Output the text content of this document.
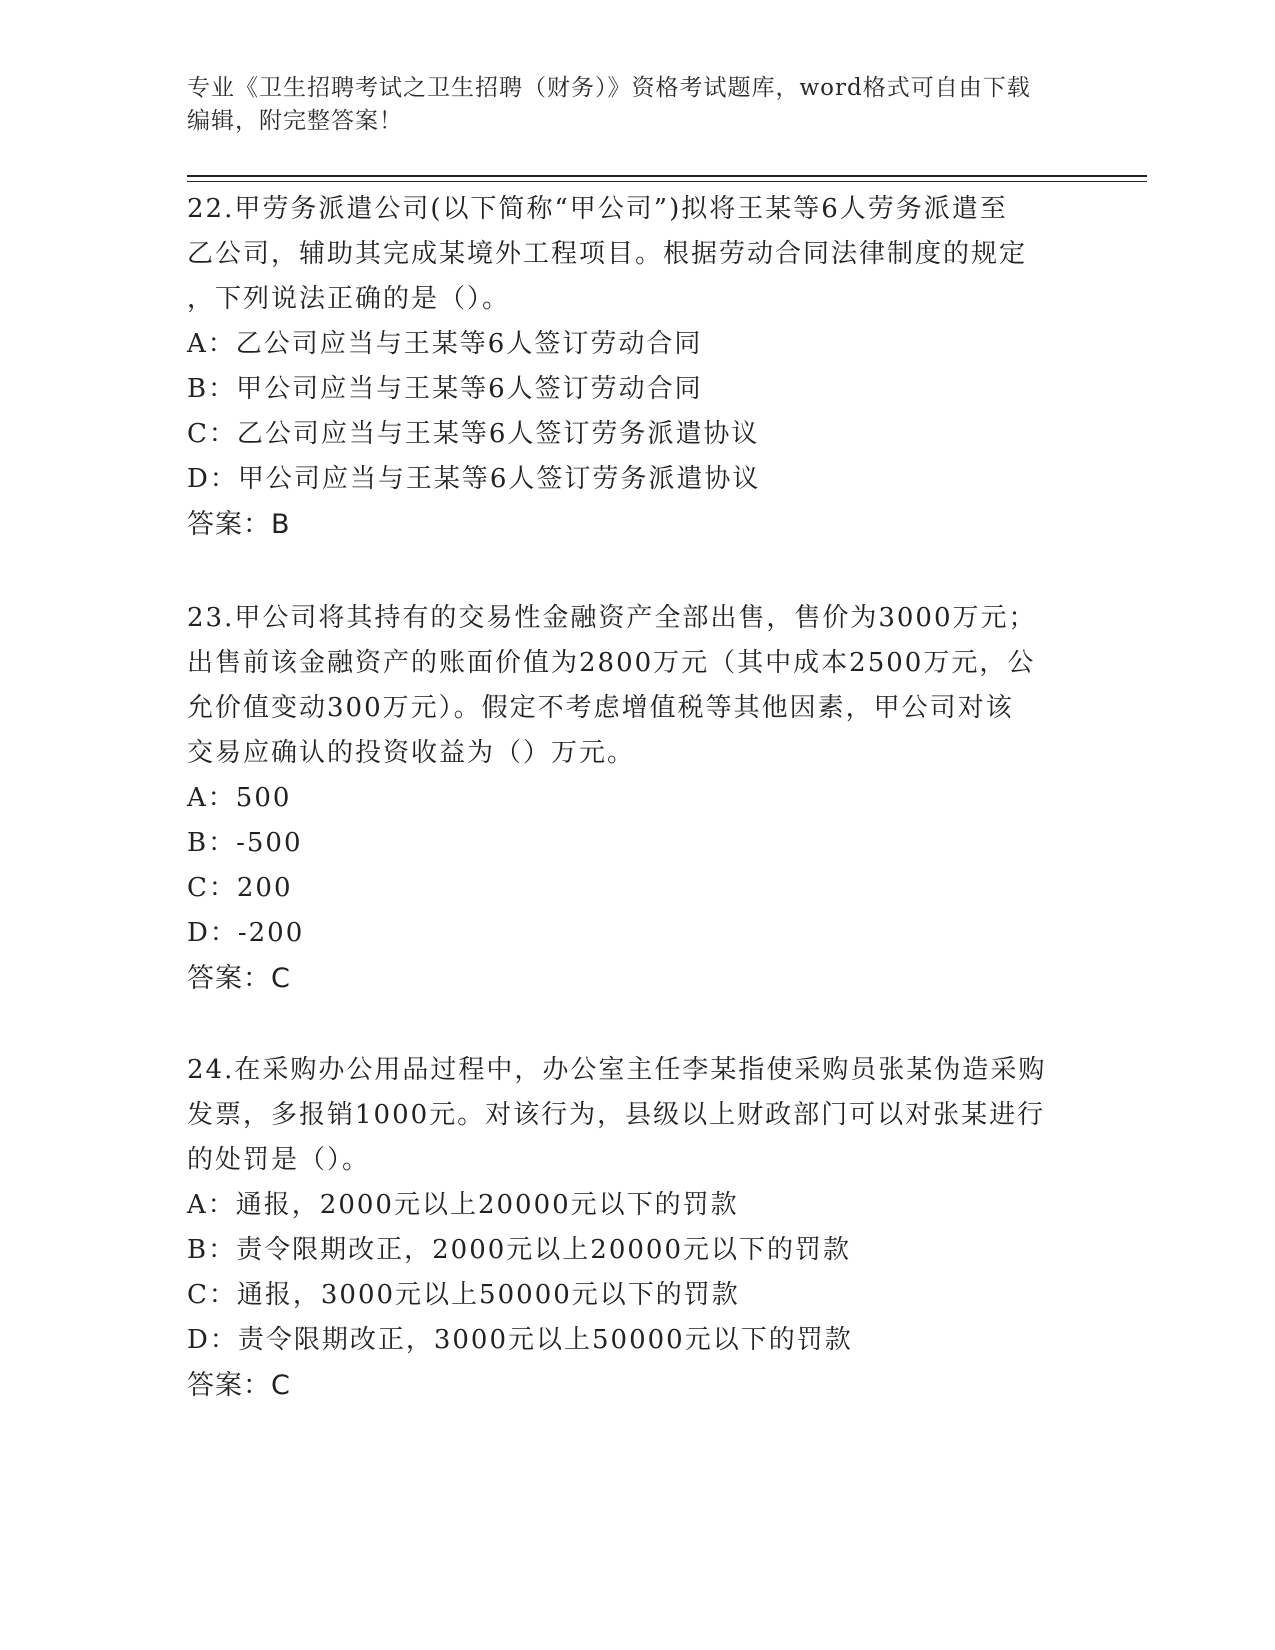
专业《卫生招聘考试之卫生招聘（财务）》资格考试题库，word格式可自由下载
编辑，附完整答案！
22.甲劳务派遣公司(以下简称“甲公司”)拟将王某等6人劳务派遣至
乙公司，辅助其完成某境外工程项目。根据劳动合同法律制度的规定
，下列说法正确的是（）。
A：乙公司应当与王某等6人签订劳动合同
B：甲公司应当与王某等6人签订劳动合同
C：乙公司应当与王某等6人签订劳务派遣协议
D：甲公司应当与王某等6人签订劳务派遣协议
答案：B
23.甲公司将其持有的交易性金融资产全部出售，售价为3000万元；
出售前该金融资产的账面价值为2800万元（其中成本2500万元，公
允价值变动300万元）。假定不考虑增值税等其他因素，甲公司对该
交易应确认的投资收益为（）万元。
A：500
B：-500
C：200
D：-200
答案：C
24.在采购办公用品过程中，办公室主任李某指使采购员张某伪造采购
发票，多报销1000元。对该行为，县级以上财政部门可以对张某进行
的处罚是（）。
A：通报，2000元以上20000元以下的罚款
B：责令限期改正，2000元以上20000元以下的罚款
C：通报，3000元以上50000元以下的罚款
D：责令限期改正，3000元以上50000元以下的罚款
答案：C
